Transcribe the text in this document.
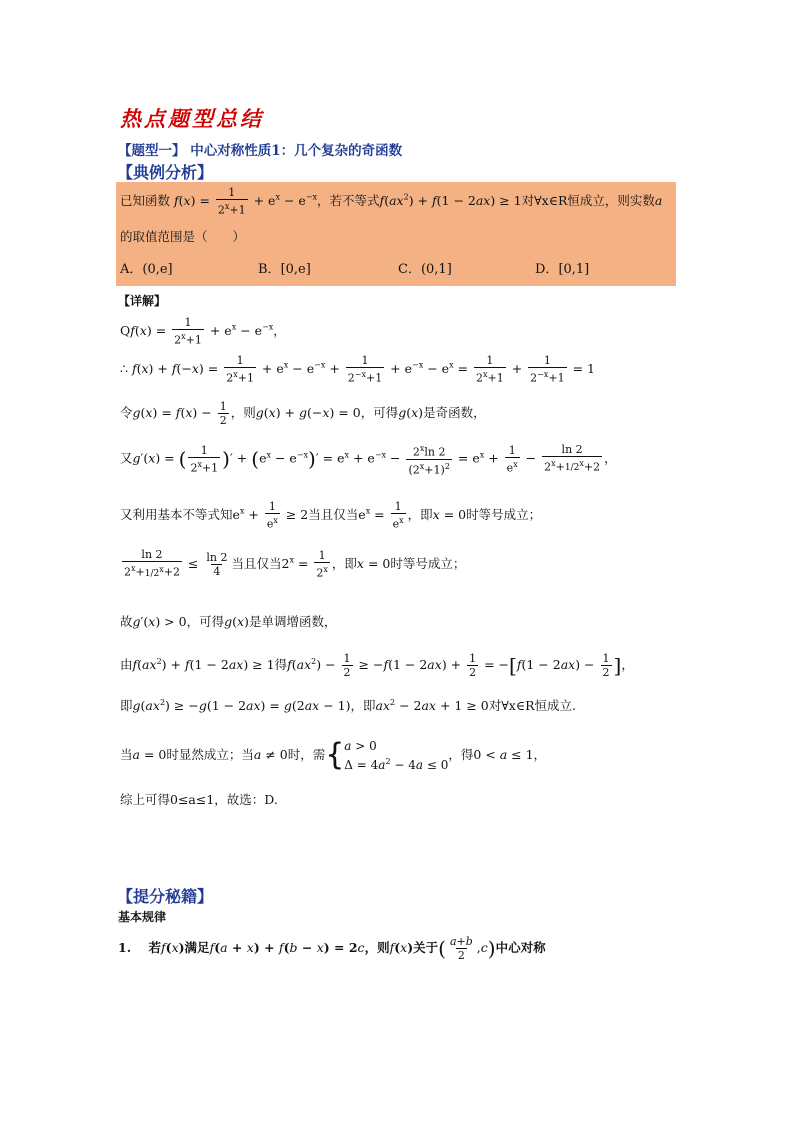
热点题型总结
【题型一】 中心对称性质1：几个复杂的奇函数
【典例分析】
已知函数 $f(x) = \frac{1}{2^x+1} + e^x - e^{-x}$，若不等式$f(ax^2) + f(1 - 2ax) \ge 1$对∀x∈R恒成立，则实数a
的取值范围是（　　）
A．(0,e]	B．[0,e]	C．(0,1]	D．[0,1]
【详解】
$Qf(x) = \frac{1}{2^x+1} + e^x - e^{-x}$，
∴ $f(x) + f(-x) = \frac{1}{2^x+1} + e^x - e^{-x} + \frac{1}{2^{-x}+1} + e^{-x} - e^x = \frac{1}{2^x+1} + \frac{1}{2^{-x}+1} = 1$
令$g(x) = f(x) - \frac{1}{2}$ ，则g(x) + g(−x) = 0，可得g(x)是奇函数，
又g′(x) = ( $\frac{1}{2^x+1}$ )′ + $(e^x - e^{-x})' = e^x + e^{-x} - \frac{2^x\ln 2}{(2^x+1)^2} = e^x + \frac{1}{e^x} - \frac{\ln 2}{2^x+1/2^x+2}$ ，
又利用基本不等式知$e^x + \frac{1}{e^x} \ge 2$当且仅当$e^x = \frac{1}{e^x}$ ，即x = 0时等号成立；
$\frac{\ln 2}{2^x+1/2^x+2} \le \frac{\ln 2}{4}$ 当且仅当$2^x = \frac{1}{2^x}$ ，即x = 0时等号成立；
故g′(x) > 0，可得g(x)是单调增函数，
由$f(ax^2) + f(1 - 2ax) \ge 1$得$f(ax^2) - \frac{1}{2} \ge -f(1 - 2ax) + \frac{1}{2} = -[f(1 - 2ax) - \frac{1}{2}$ ]，
即$g(ax^2) \ge -g(1 - 2ax) = g(2ax - 1)$，即$ax^2 - 2ax + 1 \ge 0$对∀x∈R恒成立.
当a = 0时显然成立；当a ≠ 0时，需{ a > 0
$\Delta = 4a^2 - 4a \le 0$
，得0 < a ≤ 1，
综上可得0≤a≤1，故选：D.
【提分秘籍】
基本规律
1. 若f(x)满足f(a + x) + f(b − x) = 2c，则f(x)关于( $\frac{a+b}{2} ,c$)中心对称
